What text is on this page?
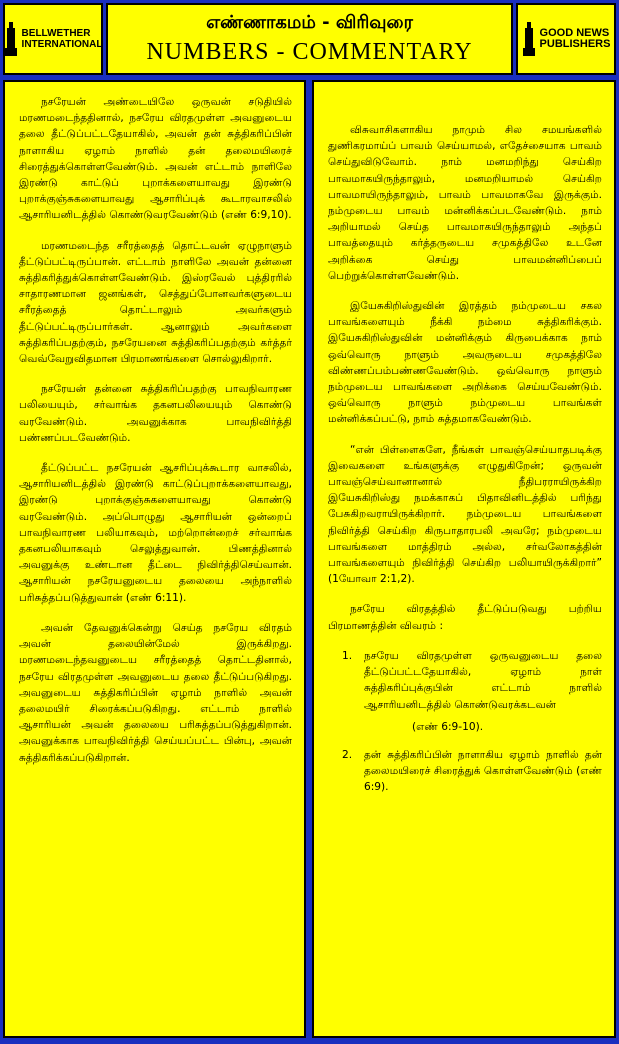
BELLWETHER
INTERNATIONAL
எண்ணாகமம் - விரிவுரை
NUMBERS - COMMENTARY
GOOD NEWS
PUBLISHERS

நசரேயன் அண்டையிலே ஒருவன் சடுதியில் மரணமடைந்ததினால், நசரேய விரதமுள்ள அவனுடைய தலை தீட்டுப்பட்டதேயாகில், அவன் தன் சுத்திகரிப்பின் நாளாகிய ஏழாம் நாளில் தன் தலைமயிரைச் சிரைத்துக்கொள்ளவேண்டும். அவன் எட்டாம் நாளிலே இரண்டு காட்டுப் புறாக்களையாவது இரண்டு புறாக்குஞ்சுகளையாவது ஆசாரிப்புக் கூடாரவாசலில் ஆசாரியனிடத்தில் கொண்டுவரவேண்டும் (எண் 6:9,10).

மரணமடைந்த சரீரத்தைத் தொட்டவன் ஏழுநாளும் தீட்டுப்பட்டிருப்பான். எட்டாம் நாளிலே அவன் தன்னை சுத்திகரித்துக்கொள்ளவேண்டும். இஸ்ரவேல் புத்திரரில் சாதாரணமான ஜனங்கள், செத்துப்போனவர்களுடைய சரீரத்தைத் தொட்டாலும் அவர்களும் தீட்டுப்பட்டிருப்பார்கள். ஆனாலும் அவர்களை சுத்திகரிப்பதற்கும், நசரேயனை சுத்திகரிப்பதற்கும் கர்த்தர் வெவ்வேறுவிதமான பிரமாணங்களை சொல்லுகிறார்.

நசரேயன் தன்னை சுத்திகரிப்பதற்கு பாவநிவாரண பலியையும், சர்வாங்க தகனபலியையும் கொண்டு வரவேண்டும். அவனுக்காக பாவநிவிர்த்தி பண்ணப்படவேண்டும்.

தீட்டுப்பட்ட நசரேயன் ஆசரிப்புக்கூடார வாசலில், ஆசாரியனிடத்தில் இரண்டு காட்டுப்புறாக்களையாவது, இரண்டு புறாக்குஞ்சுகளையாவது கொண்டு வரவேண்டும். அப்பொழுது ஆசாரியன் ஒன்றைப் பாவநிவாரண பலியாகவும், மற்றொன்றைச் சர்வாங்க தகனபலியாகவும் செலுத்துவான். பிணத்தினால் அவனுக்கு உண்டான தீட்டை நிவிர்த்திசெய்வான். ஆசாரியன் நசரேயனுடைய தலையை அந்நாளில் பரிசுத்தப்படுத்துவான் (எண் 6:11).

அவன் தேவனுக்கென்று செய்த நசரேய விரதம் அவன் தலையின்மேல் இருக்கிறது. மரணமடைந்தவனுடைய சரீரத்தைத் தொட்டதினால், நசரேய விரதமுள்ள அவனுடைய தலை தீட்டுப்படுகிறது. அவனுடைய சுத்திகரிப்பின் ஏழாம் நாளில் அவன் தலைமயிர் சிரைக்கப்படுகிறது. எட்டாம் நாளில் ஆசாரியன் அவன் தலையை பரிசுத்தப்படுத்துகிறான். அவனுக்காக பாவநிவிர்த்தி செய்யப்பட்ட பின்பு, அவன் சுத்திகரிக்கப்படுகிறான்.

விசுவாசிகளாகிய நாமும் சில சமயங்களில் துணிகரமாய்ப் பாவம் செய்யாமல், எதேச்சையாக பாவம் செய்துவிடுவோம். நாம் மனமறிந்து செய்கிற பாவமாகயிருந்தாலும், மனமறியாமல் செய்கிற பாவமாயிருந்தாலும், பாவம் பாவமாகவே இருக்கும். நம்முடைய பாவம் மன்னிக்கப்படவேண்டும். நாம் அறியாமல் செய்த பாவமாகயிருந்தாலும் அந்தப் பாவத்தையும் கர்த்தருடைய சமுகத்திலே உடனே அறிக்கை செய்து பாவமன்னிப்பைப் பெற்றுக்கொள்ளவேண்டும்.

இயேசுகிறிஸ்துவின் இரத்தம் நம்முடைய சகல பாவங்களையும் நீக்கி நம்மை சுத்திகரிக்கும். இயேசுகிறிஸ்துவின் மன்னிக்கும் கிருபைக்காக நாம் ஒவ்வொரு நாளும் அவருடைய சமுகத்திலே விண்ணப்பம்பண்ணவேண்டும். ஒவ்வொரு நாளும் நம்முடைய பாவங்களை அறிக்கை செய்யவேண்டும். ஒவ்வொரு நாளும் நம்முடைய பாவங்கள் மன்னிக்கப்பட்டு, நாம் சுத்தமாகவேண்டும்.

“என் பிள்ளைகளே, நீங்கள் பாவஞ்செய்யாதபடிக்கு இவைகளை உங்களுக்கு எழுதுகிறேன்; ஒருவன் பாவஞ்செய்வானானால் நீதிபரராயிருக்கிற இயேசுகிறிஸ்து நமக்காகப் பிதாவினிடத்தில் பரிந்து பேசுகிறவராயிருக்கிறார். நம்முடைய பாவங்களை நிவிர்த்தி செய்கிற கிருபாதாரபலி அவரே; நம்முடைய பாவங்களை மாத்திரம் அல்ல, சர்வலோகத்தின் பாவங்களையும் நிவிர்த்தி செய்கிற பலியாயிருக்கிறார்” (1யோவா 2:1,2).

நசரேய விரதத்தில் தீட்டுப்படுவது பற்றிய பிரமாணத்தின் விவரம் :

1.	நசரேய விரதமுள்ள ஒருவனுடைய தலை தீட்டுப்பட்டதேயாகில், ஏழாம் நாள் சுத்திகரிப்புக்குபின் எட்டாம் நாளில் ஆசாரியனிடத்தில் கொண்டுவரக்கடவன்
(எண் 6:9-10).
2.	தன் சுத்திகரிப்பின் நாளாகிய ஏழாம் நாளில் தன் தலைமயிரைச் சிரைத்துக் கொள்ளவேண்டும் (எண் 6:9).
